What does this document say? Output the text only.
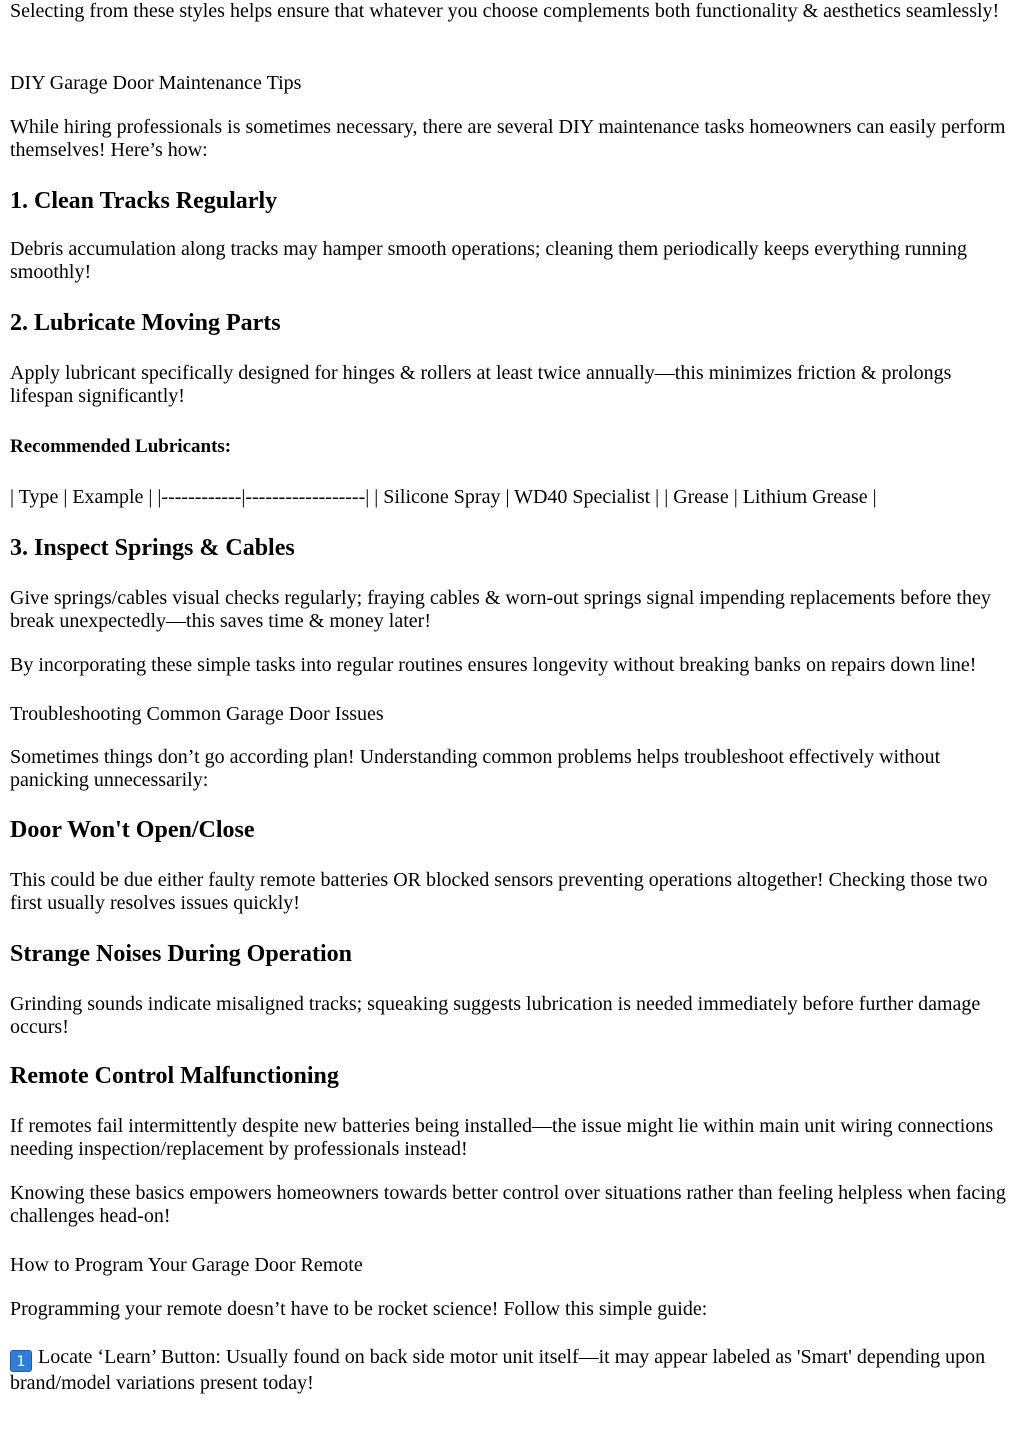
Selecting from these styles helps ensure that whatever you choose complements both functionality & aesthetics seamlessly!

DIY Garage Door Maintenance Tips

While hiring professionals is sometimes necessary, there are several DIY maintenance tasks homeowners can easily perform themselves! Here’s how:

1. Clean Tracks Regularly

Debris accumulation along tracks may hamper smooth operations; cleaning them periodically keeps everything running smoothly!

2. Lubricate Moving Parts

Apply lubricant specifically designed for hinges & rollers at least twice annually—this minimizes friction & prolongs lifespan significantly!

Recommended Lubricants:

| Type | Example | |------------|------------------| | Silicone Spray | WD40 Specialist | | Grease | Lithium Grease |

3. Inspect Springs & Cables

Give springs/cables visual checks regularly; fraying cables & worn-out springs signal impending replacements before they break unexpectedly—this saves time & money later!

By incorporating these simple tasks into regular routines ensures longevity without breaking banks on repairs down line!

Troubleshooting Common Garage Door Issues

Sometimes things don’t go according plan! Understanding common problems helps troubleshoot effectively without panicking unnecessarily:

Door Won't Open/Close

This could be due either faulty remote batteries OR blocked sensors preventing operations altogether! Checking those two first usually resolves issues quickly!

Strange Noises During Operation

Grinding sounds indicate misaligned tracks; squeaking suggests lubrication is needed immediately before further damage occurs!

Remote Control Malfunctioning

If remotes fail intermittently despite new batteries being installed—the issue might lie within main unit wiring connections needing inspection/replacement by professionals instead!

Knowing these basics empowers homeowners towards better control over situations rather than feeling helpless when facing challenges head-on!

How to Program Your Garage Door Remote

Programming your remote doesn’t have to be rocket science! Follow this simple guide:

1 Locate ‘Learn’ Button: Usually found on back side motor unit itself—it may appear labeled as 'Smart' depending upon brand/model variations present today!
